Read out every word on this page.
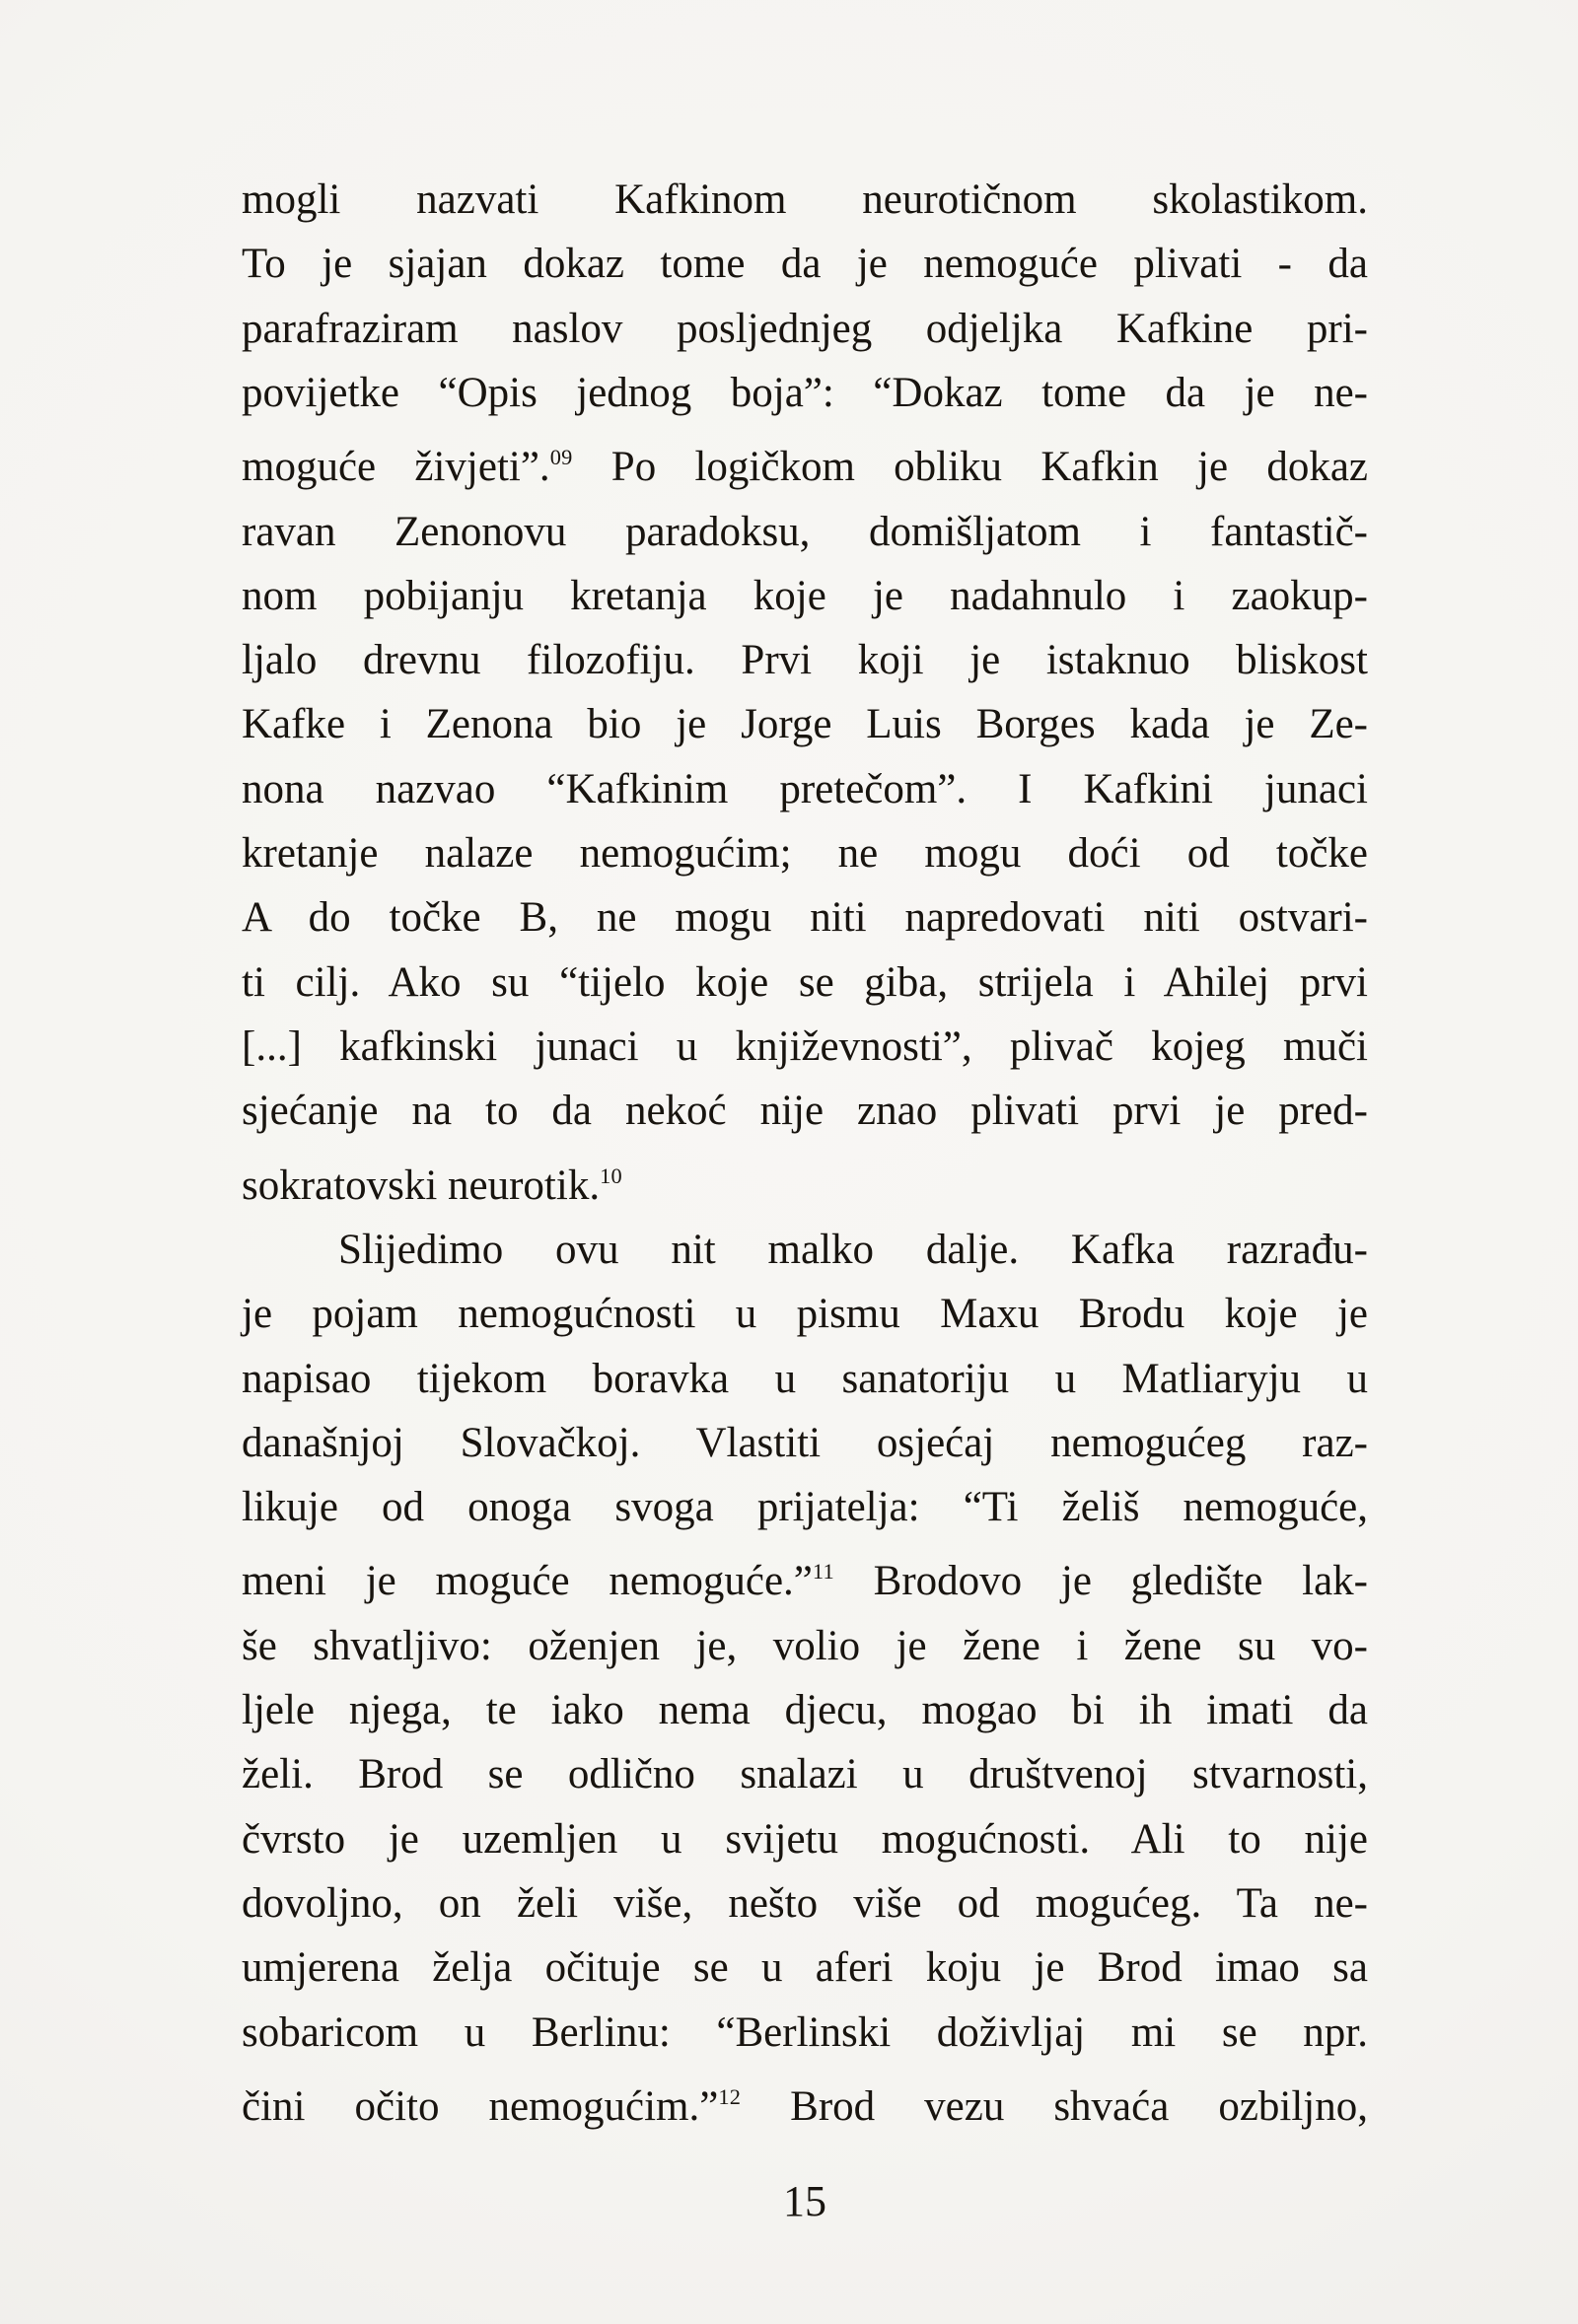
mogli nazvati Kafkinom neurotičnom skolastikom.
To je sjajan dokaz tome da je nemoguće plivati - da
parafraziram naslov posljednjeg odjeljka Kafkine pri-
povijetke “Opis jednog boja”: “Dokaz tome da je ne-
moguće živjeti”.$^{09}$ Po logičkom obliku Kafkin je dokaz
ravan Zenonovu paradoksu, domišljatom i fantastič-
nom pobijanju kretanja koje je nadahnulo i zaokup-
ljalo drevnu filozofiju. Prvi koji je istaknuo bliskost
Kafke i Zenona bio je Jorge Luis Borges kada je Ze-
nona nazvao “Kafkinim pretečom”. I Kafkini junaci
kretanje nalaze nemogućim; ne mogu doći od točke
A do točke B, ne mogu niti napredovati niti ostvari-
ti cilj. Ako su “tijelo koje se giba, strijela i Ahilej prvi
[...] kafkinski junaci u književnosti”, plivač kojeg muči
sjećanje na to da nekoć nije znao plivati prvi je pred-
sokratovski neurotik.$^{10}$
Slijedimo ovu nit malko dalje. Kafka razrađu-
je pojam nemogućnosti u pismu Maxu Brodu koje je
napisao tijekom boravka u sanatoriju u Matliaryju u
današnjoj Slovačkoj. Vlastiti osjećaj nemogućeg raz-
likuje od onoga svoga prijatelja: “Ti želiš nemoguće,
meni je moguće nemoguće.”$^{11}$ Brodovo je gledište lak-
še shvatljivo: oženjen je, volio je žene i žene su vo-
ljele njega, te iako nema djecu, mogao bi ih imati da
želi. Brod se odlično snalazi u društvenoj stvarnosti,
čvrsto je uzemljen u svijetu mogućnosti. Ali to nije
dovoljno, on želi više, nešto više od mogućeg. Ta ne-
umjerena želja očituje se u aferi koju je Brod imao sa
sobaricom u Berlinu: “Berlinski doživljaj mi se npr.
čini očito nemogućim.”$^{12}$ Brod vezu shvaća ozbiljno,
15
